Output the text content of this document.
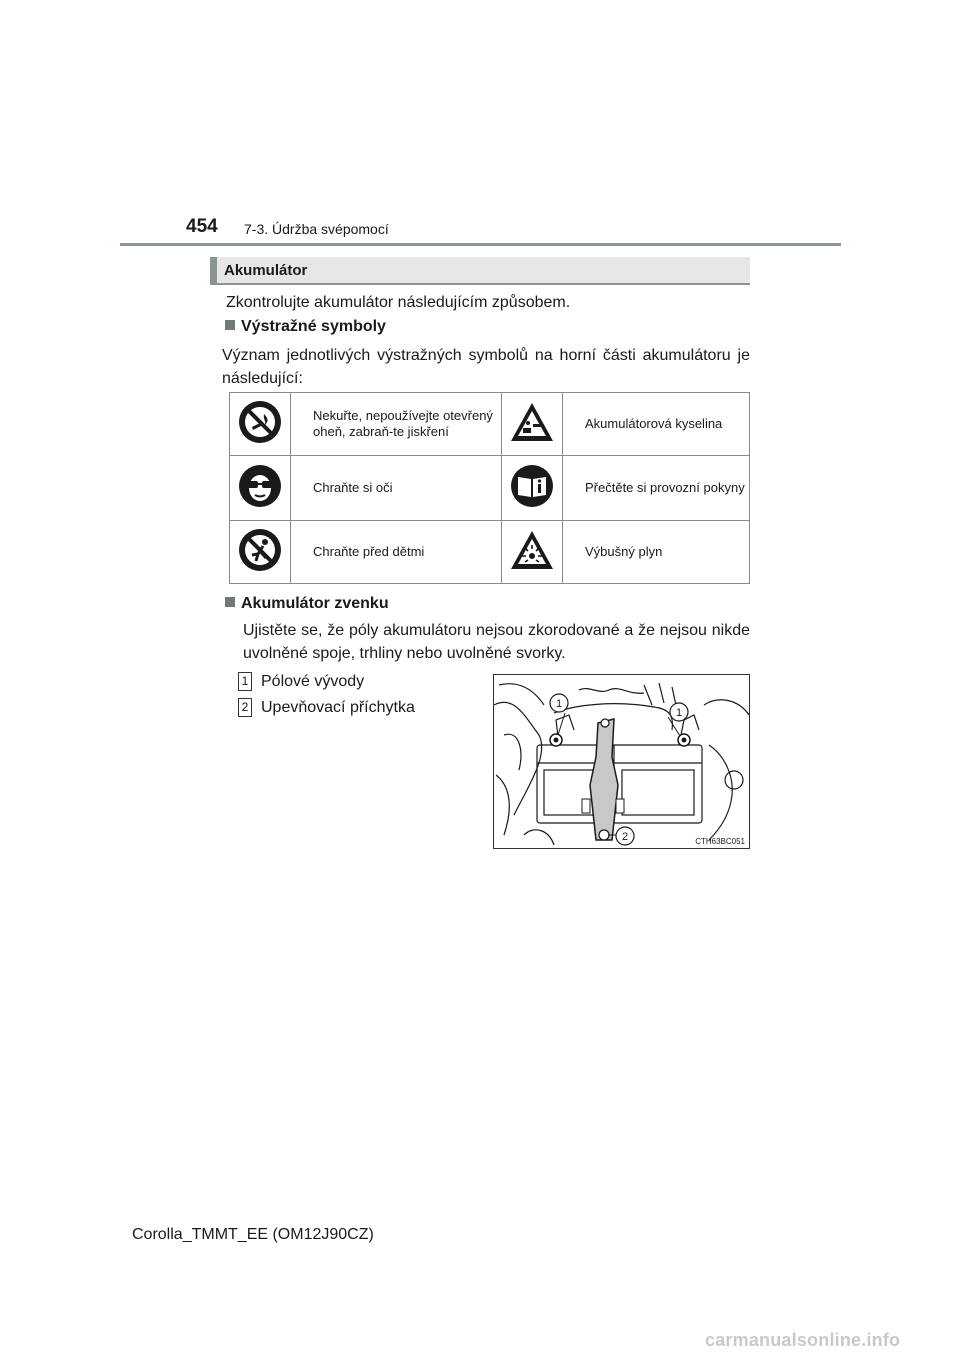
454 7-3. Údržba svépomocí
Akumulátor
Zkontrolujte akumulátor následujícím způsobem.
Výstražné symboly
Význam jednotlivých výstražných symbolů na horní části akumulátoru je následující:
	Nekuřte, nepoužívejte otevřený oheň, zabraň-te jiskření		Akumulátorová kyselina
	Chraňte si oči		Přečtěte si provozní pokyny
	Chraňte před dětmi		Výbušný plyn
Akumulátor zvenku
Ujistěte se, že póly akumulátoru nejsou zkorodované a že nejsou nikde uvolněné spoje, trhliny nebo uvolněné svorky.
1 Pólové vývody
2 Upevňovací příchytka	1
1
2	CTH63BC051
Corolla_TMMT_EE (OM12J90CZ)
carmanualsonline.info
